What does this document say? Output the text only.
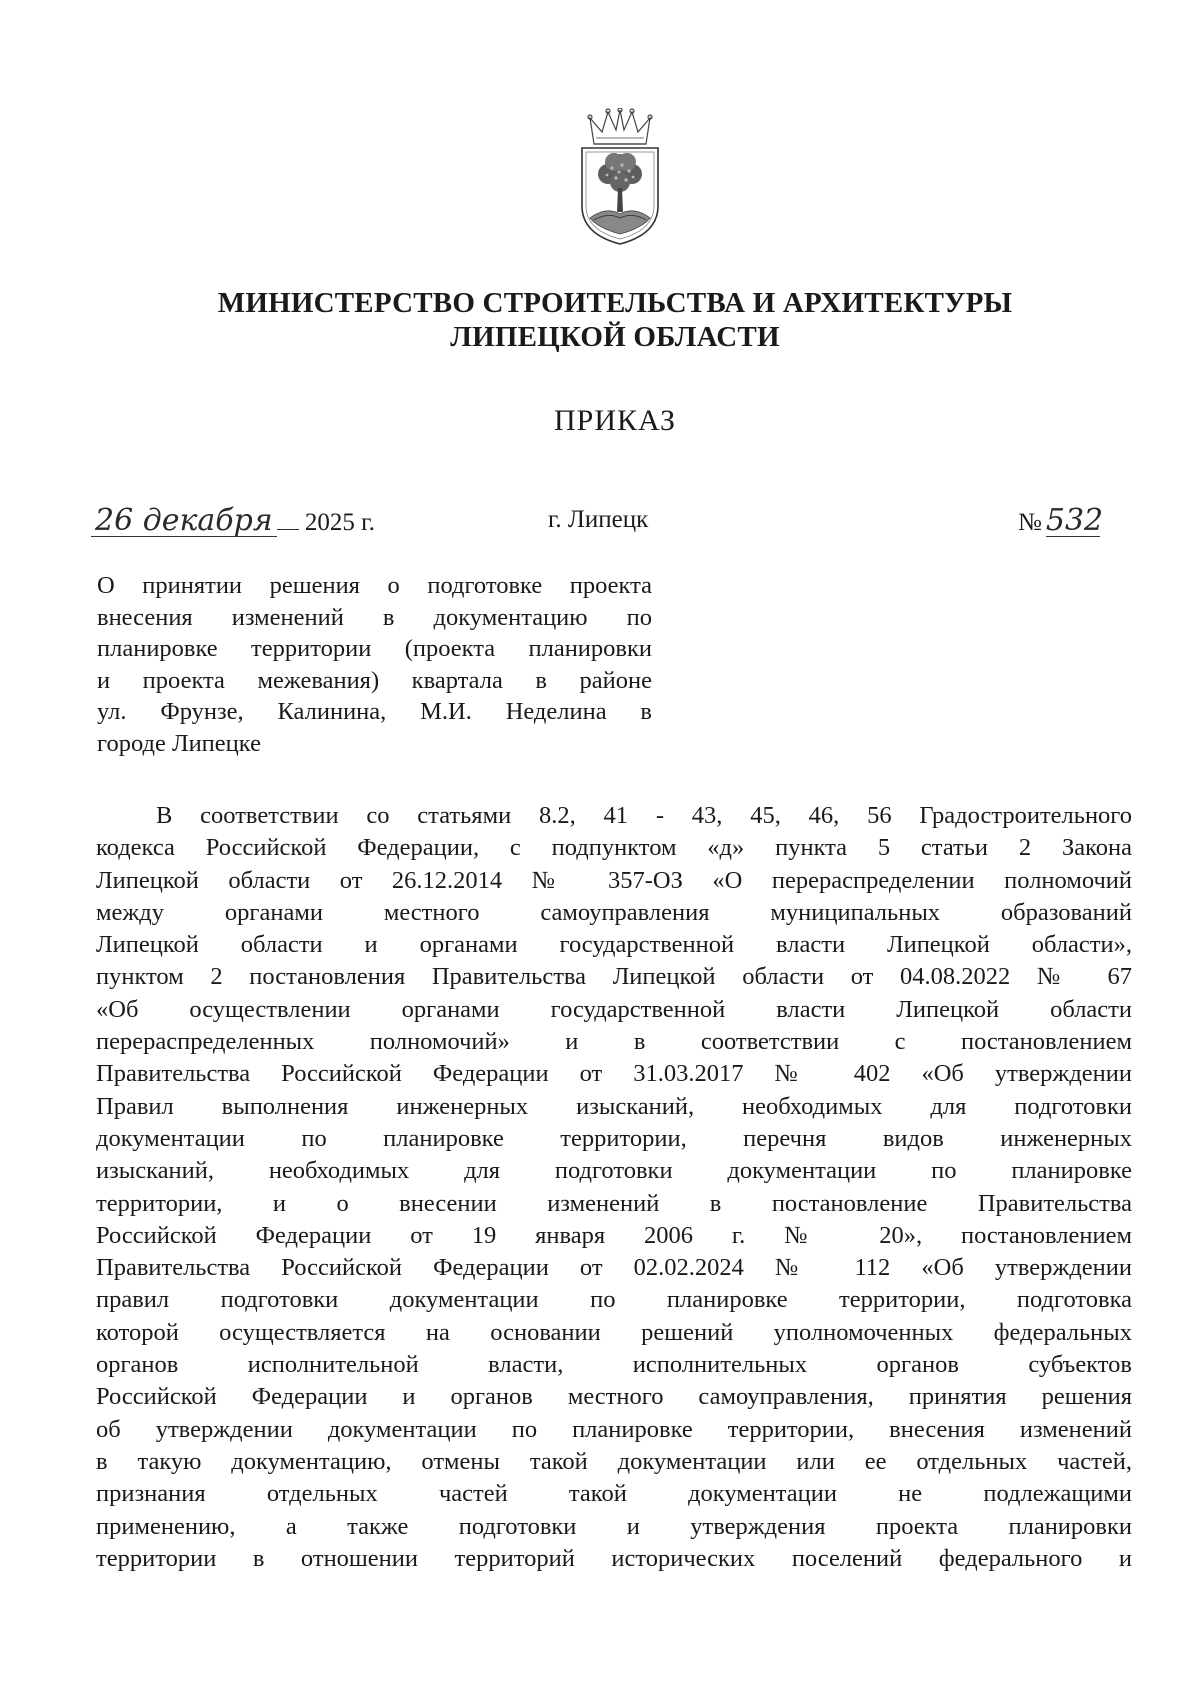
МИНИСТЕРСТВО СТРОИТЕЛЬСТВА И АРХИТЕКТУРЫ
ЛИПЕЦКОЙ ОБЛАСТИ
ПРИКАЗ
26 декабря 2025 г.	г. Липецк	№ 532
О принятии решения о подготовке проекта
внесения изменений в документацию по
планировке территории (проекта планировки
и проекта межевания) квартала в районе
ул. Фрунзе, Калинина, М.И. Неделина в
городе Липецке
В соответствии со статьями 8.2, 41 - 43, 45, 46, 56 Градостроительного
кодекса Российской Федерации, с подпунктом «д» пункта 5 статьи 2 Закона
Липецкой области от 26.12.2014 № 357-ОЗ «О перераспределении полномочий
между органами местного самоуправления муниципальных образований
Липецкой области и органами государственной власти Липецкой области»,
пунктом 2 постановления Правительства Липецкой области от 04.08.2022 № 67
«Об осуществлении органами государственной власти Липецкой области
перераспределенных полномочий» и в соответствии с постановлением
Правительства Российской Федерации от 31.03.2017 № 402 «Об утверждении
Правил выполнения инженерных изысканий, необходимых для подготовки
документации по планировке территории, перечня видов инженерных
изысканий, необходимых для подготовки документации по планировке
территории, и о внесении изменений в постановление Правительства
Российской Федерации от 19 января 2006 г. № 20», постановлением
Правительства Российской Федерации от 02.02.2024 № 112 «Об утверждении
правил подготовки документации по планировке территории, подготовка
которой осуществляется на основании решений уполномоченных федеральных
органов исполнительной власти, исполнительных органов субъектов
Российской Федерации и органов местного самоуправления, принятия решения
об утверждении документации по планировке территории, внесения изменений
в такую документацию, отмены такой документации или ее отдельных частей,
признания отдельных частей такой документации не подлежащими
применению, а также подготовки и утверждения проекта планировки
территории в отношении территорий исторических поселений федерального и
